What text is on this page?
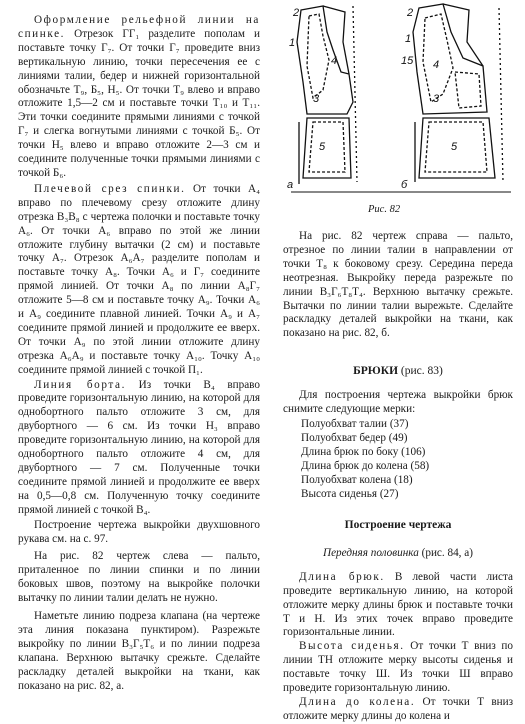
Оформление рельефной линии на спинке. Отрезок ГГ₁ разделите пополам и поставьте точку Г₇. От точки Г₇ проведите вниз вертикальную линию, точки пересечения ее с линиями талии, бедер и нижней горизонтальной обозначьте Т₉, Б₅, Н₅. От точки Т₉ влево и вправо отложите 1,5—2 см и поставьте точки Т₁₀ и Т₁₁. Эти точки соедините прямыми линиями с точкой Г₇ и слегка вогнутыми линиями с точкой Б₅. От точки Н₅ влево и вправо отложите 2—3 см и соедините полученные точки прямыми линиями с точкой Б₆.

Плечевой срез спинки. От точки А₄ вправо по плечевому срезу отложите длину отрезка В₃В₈ с чертежа полочки и поставьте точку А₆. От точки А₆ вправо по этой же линии отложите глубину вытачки (2 см) и поставьте точку А₇. Отрезок А₆А₇ разделите пополам и поставьте точку А₈. Точки А₆ и Г₇ соедините прямой линией. От точки А₈ по линии А₈Г₇ отложите 5—8 см и поставьте точку А₉. Точки А₆ и А₉ соедините плавной линией. Точки А₉ и А₇ соедините прямой линией и продолжите ее вверх. От точки А₉ по этой линии отложите длину отрезка А₆А₉ и поставьте точку А₁₀. Точку А₁₀ соедините прямой линией с точкой П₁.

Линия борта. Из точки В₄ вправо проведите горизонтальную линию, на которой для однобортного пальто отложите 3 см, для двубортного — 6 см. Из точки Н₃ вправо проведите горизонтальную линию, на которой для однобортного пальто отложите 4 см, для двубортного — 7 см. Полученные точки соедините прямой линией и продолжите ее вверх на 0,5—0,8 см. Полученную точку соедините прямой линией с точкой В₄.

Построение чертежа выкройки двухшовного рукава см. на с. 97.

На рис. 82 чертеж слева — пальто, приталенное по линии спинки и по линии боковых швов, поэтому на выкройке полочки вытачку по линии талии делать не нужно.

Наметьте линию подреза клапана (на чертеже эта линия показана пунктиром). Разрежьте выкройку по линии В₃Г₅Т₆ и по линии подреза клапана. Верхнюю вытачку срежьте. Сделайте раскладку деталей выкройки на ткани, как показано на рис. 82, а.

2
1
4
3
5
а
2
1
15 4
3
5
б
Рис. 82

На рис. 82 чертеж справа — пальто, отрезное по линии талии в направлении от точки Т₈ к боковому срезу. Середина переда неотрезная. Выкройку переда разрежьте по линии В₃Г₆Т₈Т₄. Верхнюю вытачку срежьте. Вытачки по линии талии вырежьте. Сделайте раскладку деталей выкройки на ткани, как показано на рис. 82, б.

БРЮКИ (рис. 83)

Для построения чертежа выкройки брюк снимите следующие мерки:

Полуобхват талии (37)
Полуобхват бедер (49)
Длина брюк по боку (106)
Длина брюк до колена (58)
Полуобхват колена (18)
Высота сиденья (27)

Построение чертежа

Передняя половинка (рис. 84, а)

Длина брюк. В левой части листа проведите вертикальную линию, на которой отложите мерку длины брюк и поставьте точки Т и Н. Из этих точек вправо проведите горизонтальные линии.

Высота сиденья. От точки Т вниз по линии ТН отложите мерку высоты сиденья и поставьте точку Ш. Из точки Ш вправо проведите горизонтальную линию.

Длина до колена. От точки Т вниз отложите мерку длины до колена и
